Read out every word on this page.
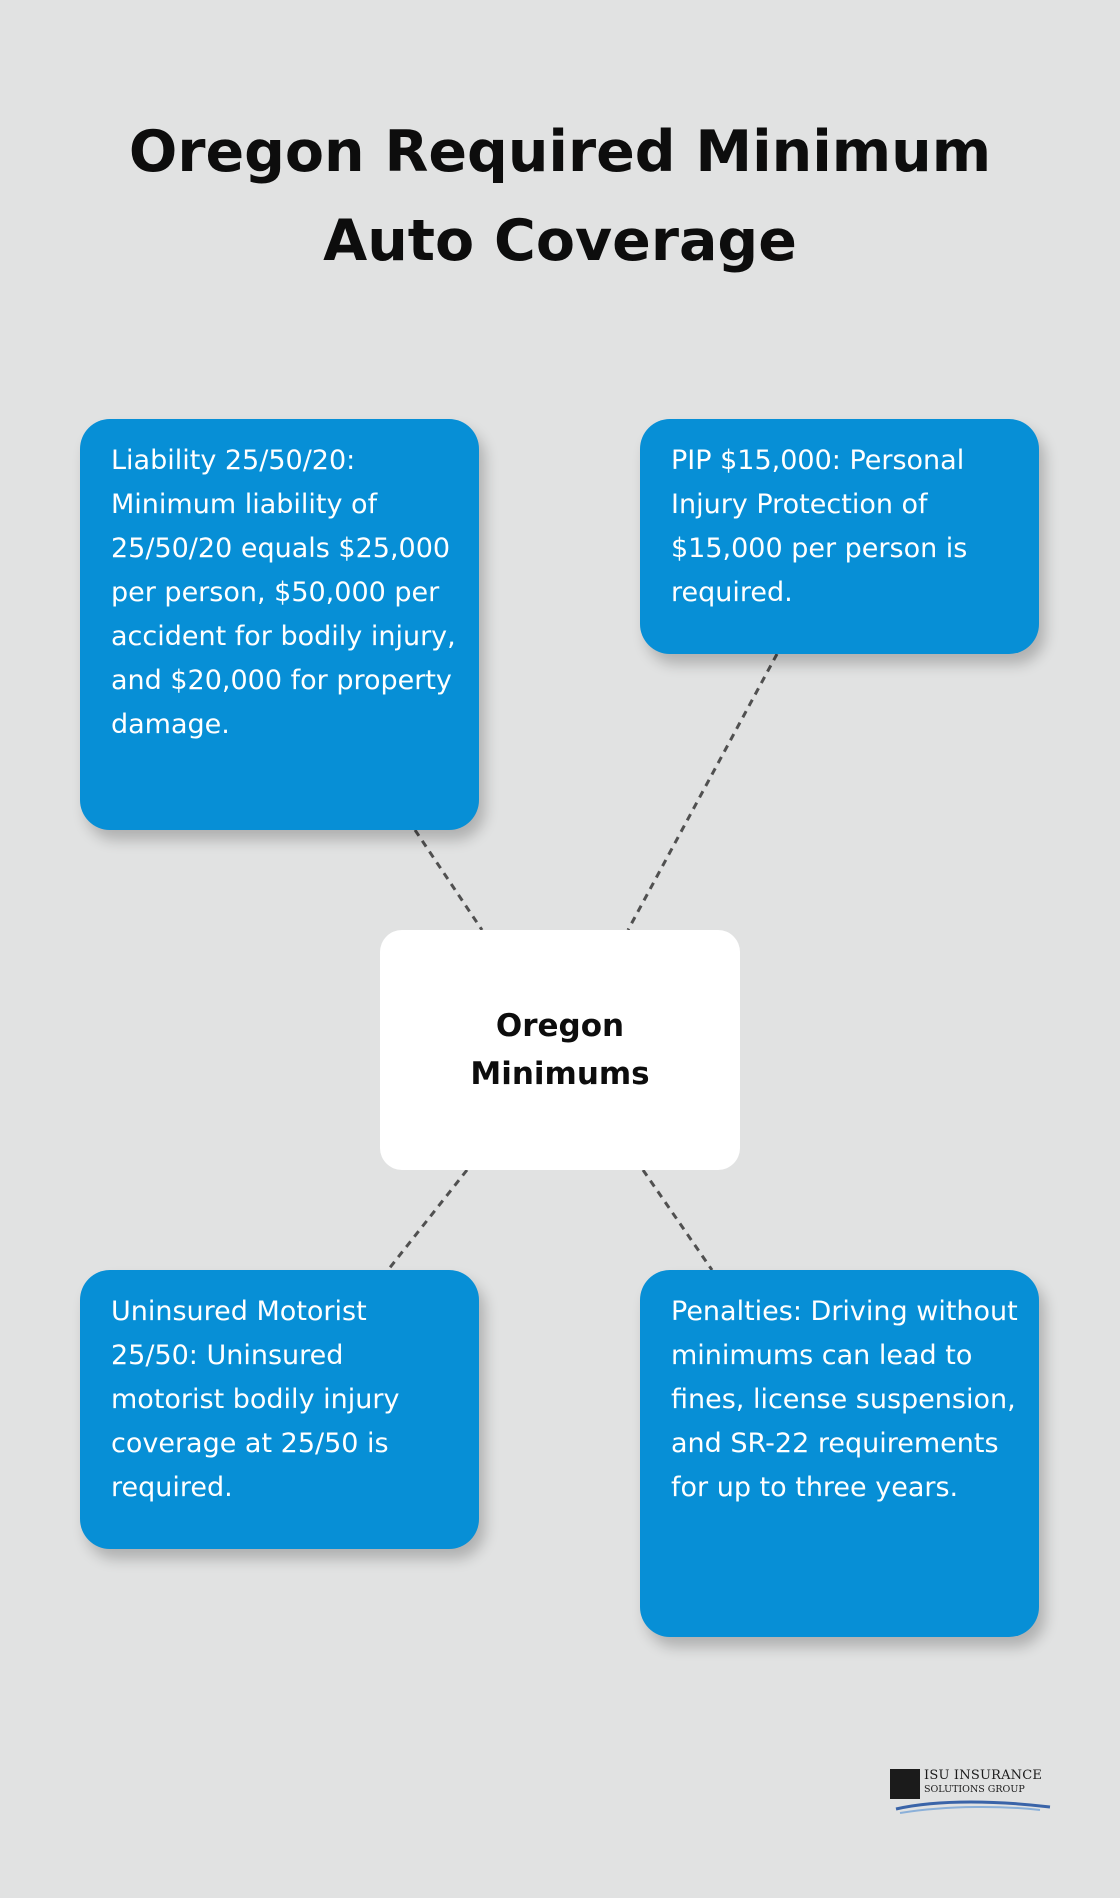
Oregon Required Minimum
Auto Coverage
Liability 25/50/20: Minimum liability of 25/50/20 equals $25,000 per person, $50,000 per accident for bodily injury, and $20,000 for property damage.
PIP $15,000: Personal Injury Protection of $15,000 per person is required.
Oregon Minimums
Uninsured Motorist 25/50: Uninsured motorist bodily injury coverage at 25/50 is required.
Penalties: Driving without minimums can lead to fines, license suspension, and SR-22 requirements for up to three years.
ISU INSURANCE
SOLUTIONS GROUP
